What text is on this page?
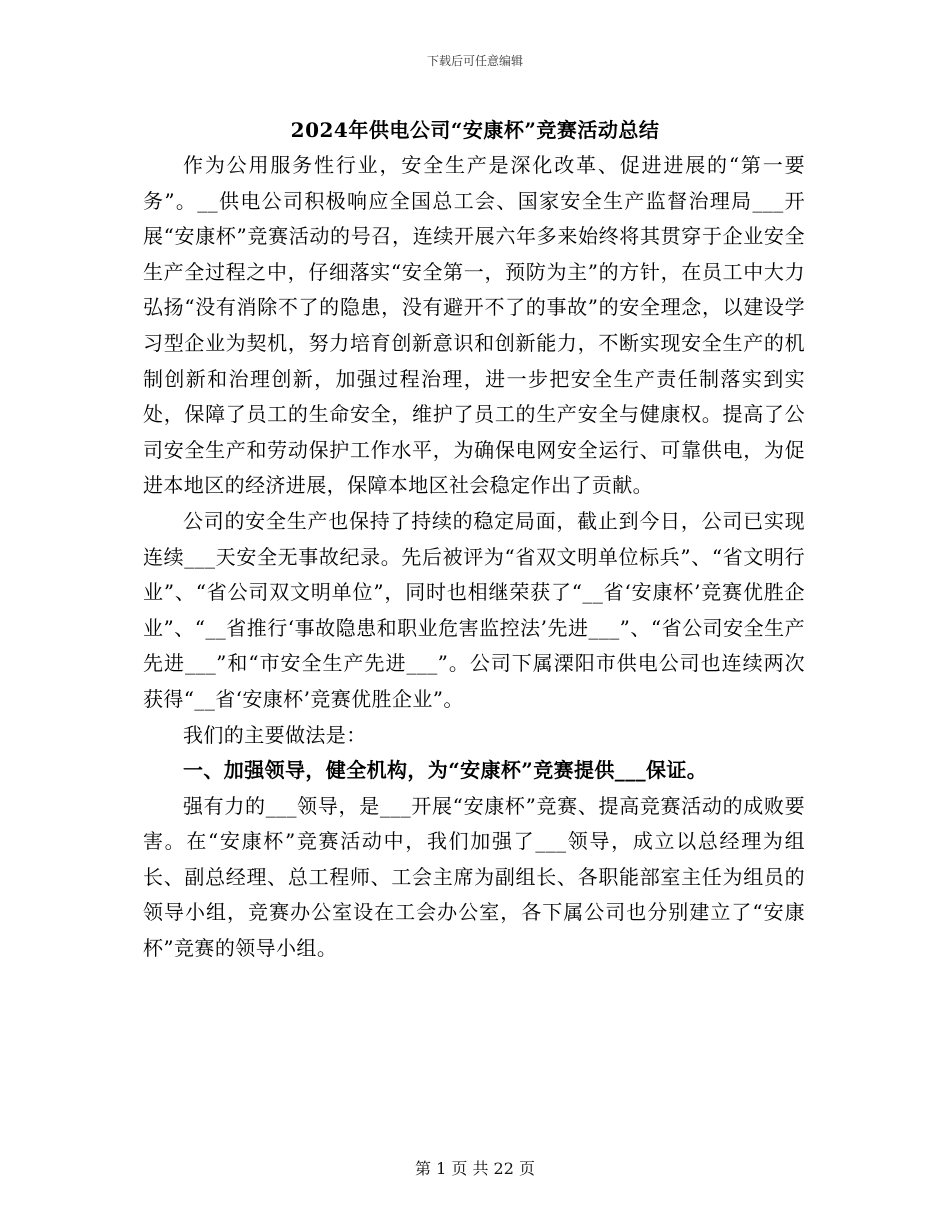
下载后可任意编辑
2024年供电公司“安康杯”竞赛活动总结

作为公用服务性行业，安全生产是深化改革、促进进展的“第一要务”。__供电公司积极响应全国总工会、国家安全生产监督治理局___开展“安康杯”竞赛活动的号召，连续开展六年多来始终将其贯穿于企业安全生产全过程之中，仔细落实“安全第一，预防为主”的方针，在员工中大力弘扬“没有消除不了的隐患，没有避开不了的事故”的安全理念，以建设学习型企业为契机，努力培育创新意识和创新能力，不断实现安全生产的机制创新和治理创新，加强过程治理，进一步把安全生产责任制落实到实处，保障了员工的生命安全，维护了员工的生产安全与健康权。提高了公司安全生产和劳动保护工作水平，为确保电网安全运行、可靠供电，为促进本地区的经济进展，保障本地区社会稳定作出了贡献。

公司的安全生产也保持了持续的稳定局面，截止到今日，公司已实现连续___天安全无事故纪录。先后被评为“省双文明单位标兵”、“省文明行业”、“省公司双文明单位”，同时也相继荣获了“__省‘安康杯’竞赛优胜企业”、“__省推行‘事故隐患和职业危害监控法’先进___”、“省公司安全生产先进___”和“市安全生产先进___”。公司下属溧阳市供电公司也连续两次获得“__省‘安康杯’竞赛优胜企业”。

我们的主要做法是：

一、加强领导，健全机构，为“安康杯”竞赛提供___保证。

强有力的___领导，是___开展“安康杯”竞赛、提高竞赛活动的成败要害。在“安康杯”竞赛活动中，我们加强了___领导，成立以总经理为组长、副总经理、总工程师、工会主席为副组长、各职能部室主任为组员的领导小组，竞赛办公室设在工会办公室，各下属公司也分别建立了“安康杯”竞赛的领导小组。

第 1 页 共 22 页
